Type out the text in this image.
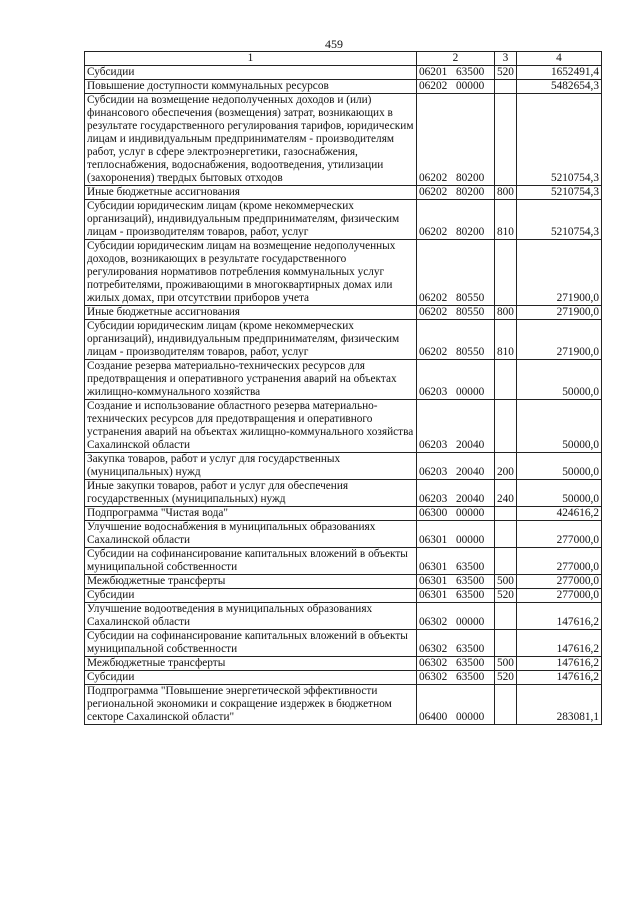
459
1	2	3	4
Субсидии	06201 63500	520	1652491,4
Повышение доступности коммунальных ресурсов	06202 00000		5482654,3
Субсидии на возмещение недополученных доходов и (или) финансового обеспечения (возмещения) затрат, возникающих в результате государственного регулирования тарифов, юридическим лицам и индивидуальным предпринимателям - производителям работ, услуг в сфере электроэнергетики, газоснабжения, теплоснабжения, водоснабжения, водоотведения, утилизации (захоронения) твердых бытовых отходов	06202 80200		5210754,3
Иные бюджетные ассигнования	06202 80200	800	5210754,3
Субсидии юридическим лицам (кроме некоммерческих организаций), индивидуальным предпринимателям, физическим лицам - производителям товаров, работ, услуг	06202 80200	810	5210754,3
Субсидии юридическим лицам на возмещение недополученных доходов, возникающих в результате государственного регулирования нормативов потребления коммунальных услуг потребителями, проживающими в многоквартирных домах или жилых домах, при отсутствии приборов учета	06202 80550		271900,0
Иные бюджетные ассигнования	06202 80550	800	271900,0
Субсидии юридическим лицам (кроме некоммерческих организаций), индивидуальным предпринимателям, физическим лицам - производителям товаров, работ, услуг	06202 80550	810	271900,0
Создание резерва материально-технических ресурсов для предотвращения и оперативного устранения аварий на объектах жилищно-коммунального хозяйства	06203 00000		50000,0
Создание и использование областного резерва материально-технических ресурсов для предотвращения и оперативного устранения аварий на объектах жилищно-коммунального хозяйства Сахалинской области	06203 20040		50000,0
Закупка товаров, работ и услуг для государственных (муниципальных) нужд	06203 20040	200	50000,0
Иные закупки товаров, работ и услуг для обеспечения государственных (муниципальных) нужд	06203 20040	240	50000,0
Подпрограмма "Чистая вода"	06300 00000		424616,2
Улучшение водоснабжения в муниципальных образованиях Сахалинской области	06301 00000		277000,0
Субсидии на софинансирование капитальных вложений в объекты муниципальной собственности	06301 63500		277000,0
Межбюджетные трансферты	06301 63500	500	277000,0
Субсидии	06301 63500	520	277000,0
Улучшение водоотведения в муниципальных образованиях Сахалинской области	06302 00000		147616,2
Субсидии на софинансирование капитальных вложений в объекты муниципальной собственности	06302 63500		147616,2
Межбюджетные трансферты	06302 63500	500	147616,2
Субсидии	06302 63500	520	147616,2
Подпрограмма "Повышение энергетической эффективности региональной экономики и сокращение издержек в бюджетном секторе Сахалинской области"	06400 00000		283081,1
